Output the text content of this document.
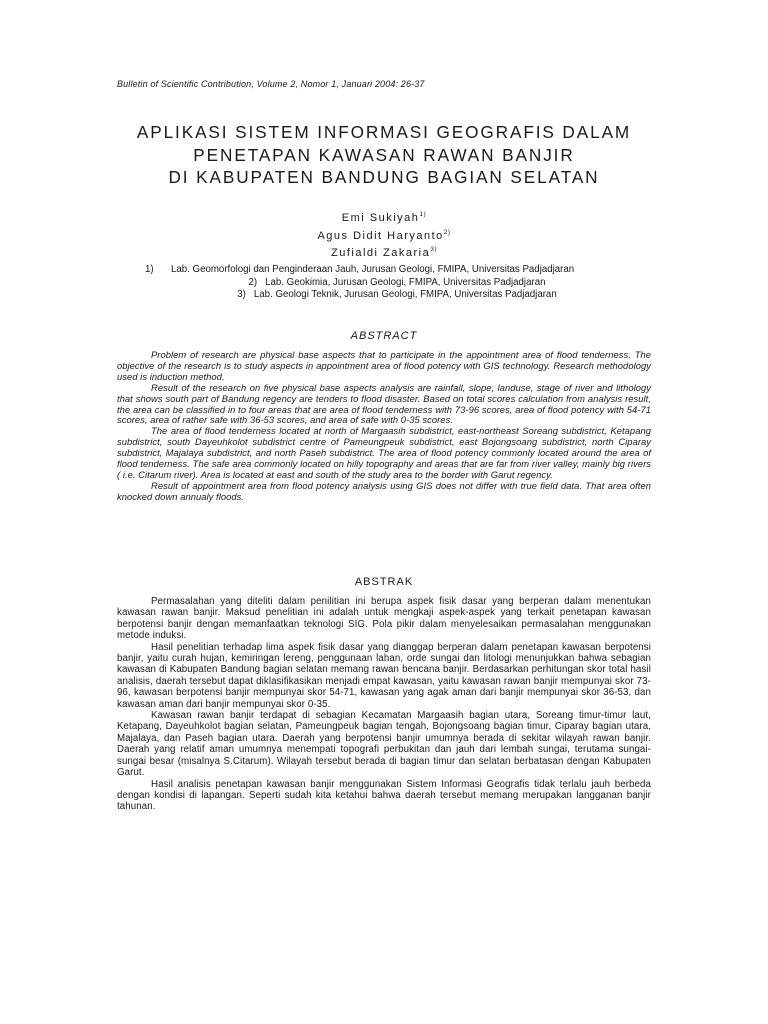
Bulletin of Scientific Contribution, Volume 2, Nomor 1, Januari 2004: 26-37
APLIKASI SISTEM INFORMASI GEOGRAFIS DALAM
PENETAPAN KAWASAN RAWAN BANJIR
DI KABUPATEN BANDUNG BAGIAN SELATAN
Emi Sukiyah$^{1)}$
Agus Didit Haryanto$^{2)}$
Zufialdi Zakaria$^{3)}$
1) Lab. Geomorfologi dan Penginderaan Jauh, Jurusan Geologi, FMIPA, Universitas Padjadjaran
2) Lab. Geokimia, Jurusan Geologi, FMIPA, Universitas Padjadjaran
3) Lab. Geologi Teknik, Jurusan Geologi, FMIPA, Universitas Padjadjaran
ABSTRACT

Problem of research are physical base aspects that to participate in the appointment area of flood tenderness. The objective of the research is to study aspects in appointment area of flood potency with GIS technology. Research methodology used is induction method.

Result of the research on five physical base aspects analysis are rainfall, slope, landuse, stage of river and lithology that shows south part of Bandung regency are tenders to flood disaster. Based on total scores calculation from analysis result, the area can be classified in to four areas that are area of flood tenderness with 73-96 scores, area of flood potency with 54-71 scores, area of rather safe with 36-53 scores, and area of safe with 0-35 scores.

The area of flood tenderness located at north of Margaasih subdistrict, east-northeast Soreang subdistrict, Ketapang subdistrict, south Dayeuhkolot subdistrict centre of Pameungpeuk subdistrict, east Bojongsoang subdistrict, north Ciparay subdistrict, Majalaya subdistrict, and north Paseh subdistrict. The area of flood potency commonly located around the area of flood tenderness. The safe area commonly located on hilly topography and areas that are far from river valley, mainly big rivers ( i.e. Citarum river). Area is located at east and south of the study area to the border with Garut regency.

Result of appointment area from flood potency analysis using GIS does not differ with true field data. That area often knocked down annualy floods.

ABSTRAK

Permasalahan yang diteliti dalam penilitian ini berupa aspek fisik dasar yang berperan dalam menentukan kawasan rawan banjir. Maksud penelitian ini adalah untuk mengkaji aspek-aspek yang terkait penetapan kawasan berpotensi banjir dengan memanfaatkan teknologi SIG. Pola pikir dalam menyelesaikan permasalahan menggunakan metode induksi.

Hasil penelitian terhadap lima aspek fisik dasar yang dianggap berperan dalam penetapan kawasan berpotensi banjir, yaitu curah hujan, kemiringan lereng, penggunaan lahan, orde sungai dan litologi menunjukkan bahwa sebagian kawasan di Kabupaten Bandung bagian selatan memang rawan bencana banjir. Berdasarkan perhitungan skor total hasil analisis, daerah tersebut dapat diklasifikasikan menjadi empat kawasan, yaitu kawasan rawan banjir mempunyai skor 73-96, kawasan berpotensi banjir mempunyai skor 54-71, kawasan yang agak aman dari banjir mempunyai skor 36-53, dan kawasan aman dari banjir mempunyai skor 0-35.

Kawasan rawan banjir terdapat di sebagian Kecamatan Margaasih bagian utara, Soreang timur-timur laut, Ketapang, Dayeuhkolot bagian selatan, Pameungpeuk bagian tengah, Bojongsoang bagian timur, Ciparay bagian utara, Majalaya, dan Paseh bagian utara. Daerah yang berpotensi banjir umumnya berada di sekitar wilayah rawan banjir. Daerah yang relatif aman umumnya menempati topografi perbukitan dan jauh dari lembah sungai, terutama sungai-sungai besar (misalnya S.Citarum). Wilayah tersebut berada di bagian timur dan selatan berbatasan dengan Kabupaten Garut.

Hasil analisis penetapan kawasan banjir menggunakan Sistem Informasi Geografis tidak terlalu jauh berbeda dengan kondisi di lapangan. Seperti sudah kita ketahui bahwa daerah tersebut memang merupakan langganan banjir tahunan.
